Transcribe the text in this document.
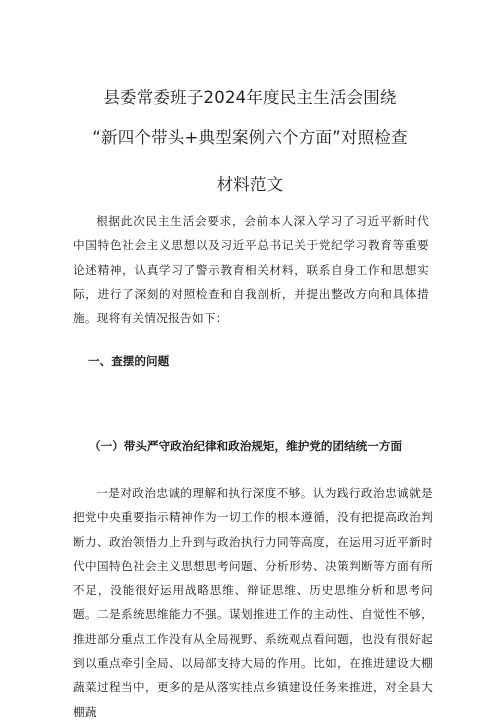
县委常委班子2024年度民主生活会围绕
“新四个带头+典型案例六个方面”对照检查
材料范文
根据此次民主生活会要求，会前本人深入学习了习近平新时代中国特色社会主义思想以及习近平总书记关于党纪学习教育等重要论述精神，认真学习了警示教育相关材料，联系自身工作和思想实际，进行了深刻的对照检查和自我剖析，并提出整改方向和具体措施。现将有关情况报告如下：
一、查摆的问题
（一）带头严守政治纪律和政治规矩，维护党的团结统一方面
一是对政治忠诚的理解和执行深度不够。认为践行政治忠诚就是把党中央重要指示精神作为一切工作的根本遵循，没有把提高政治判断力、政治领悟力上升到与政治执行力同等高度，在运用习近平新时代中国特色社会主义思想思考问题、分析形势、决策判断等方面有所不足，没能很好运用战略思维、辩证思维、历史思维分析和思考问题。二是系统思维能力不强。谋划推进工作的主动性、自觉性不够，推进部分重点工作没有从全局视野、系统观点看问题，也没有很好起到以重点牵引全局、以局部支持大局的作用。比如，在推进建设大棚蔬菜过程当中，更多的是从落实挂点乡镇建设任务来推进，对全县大棚蔬
